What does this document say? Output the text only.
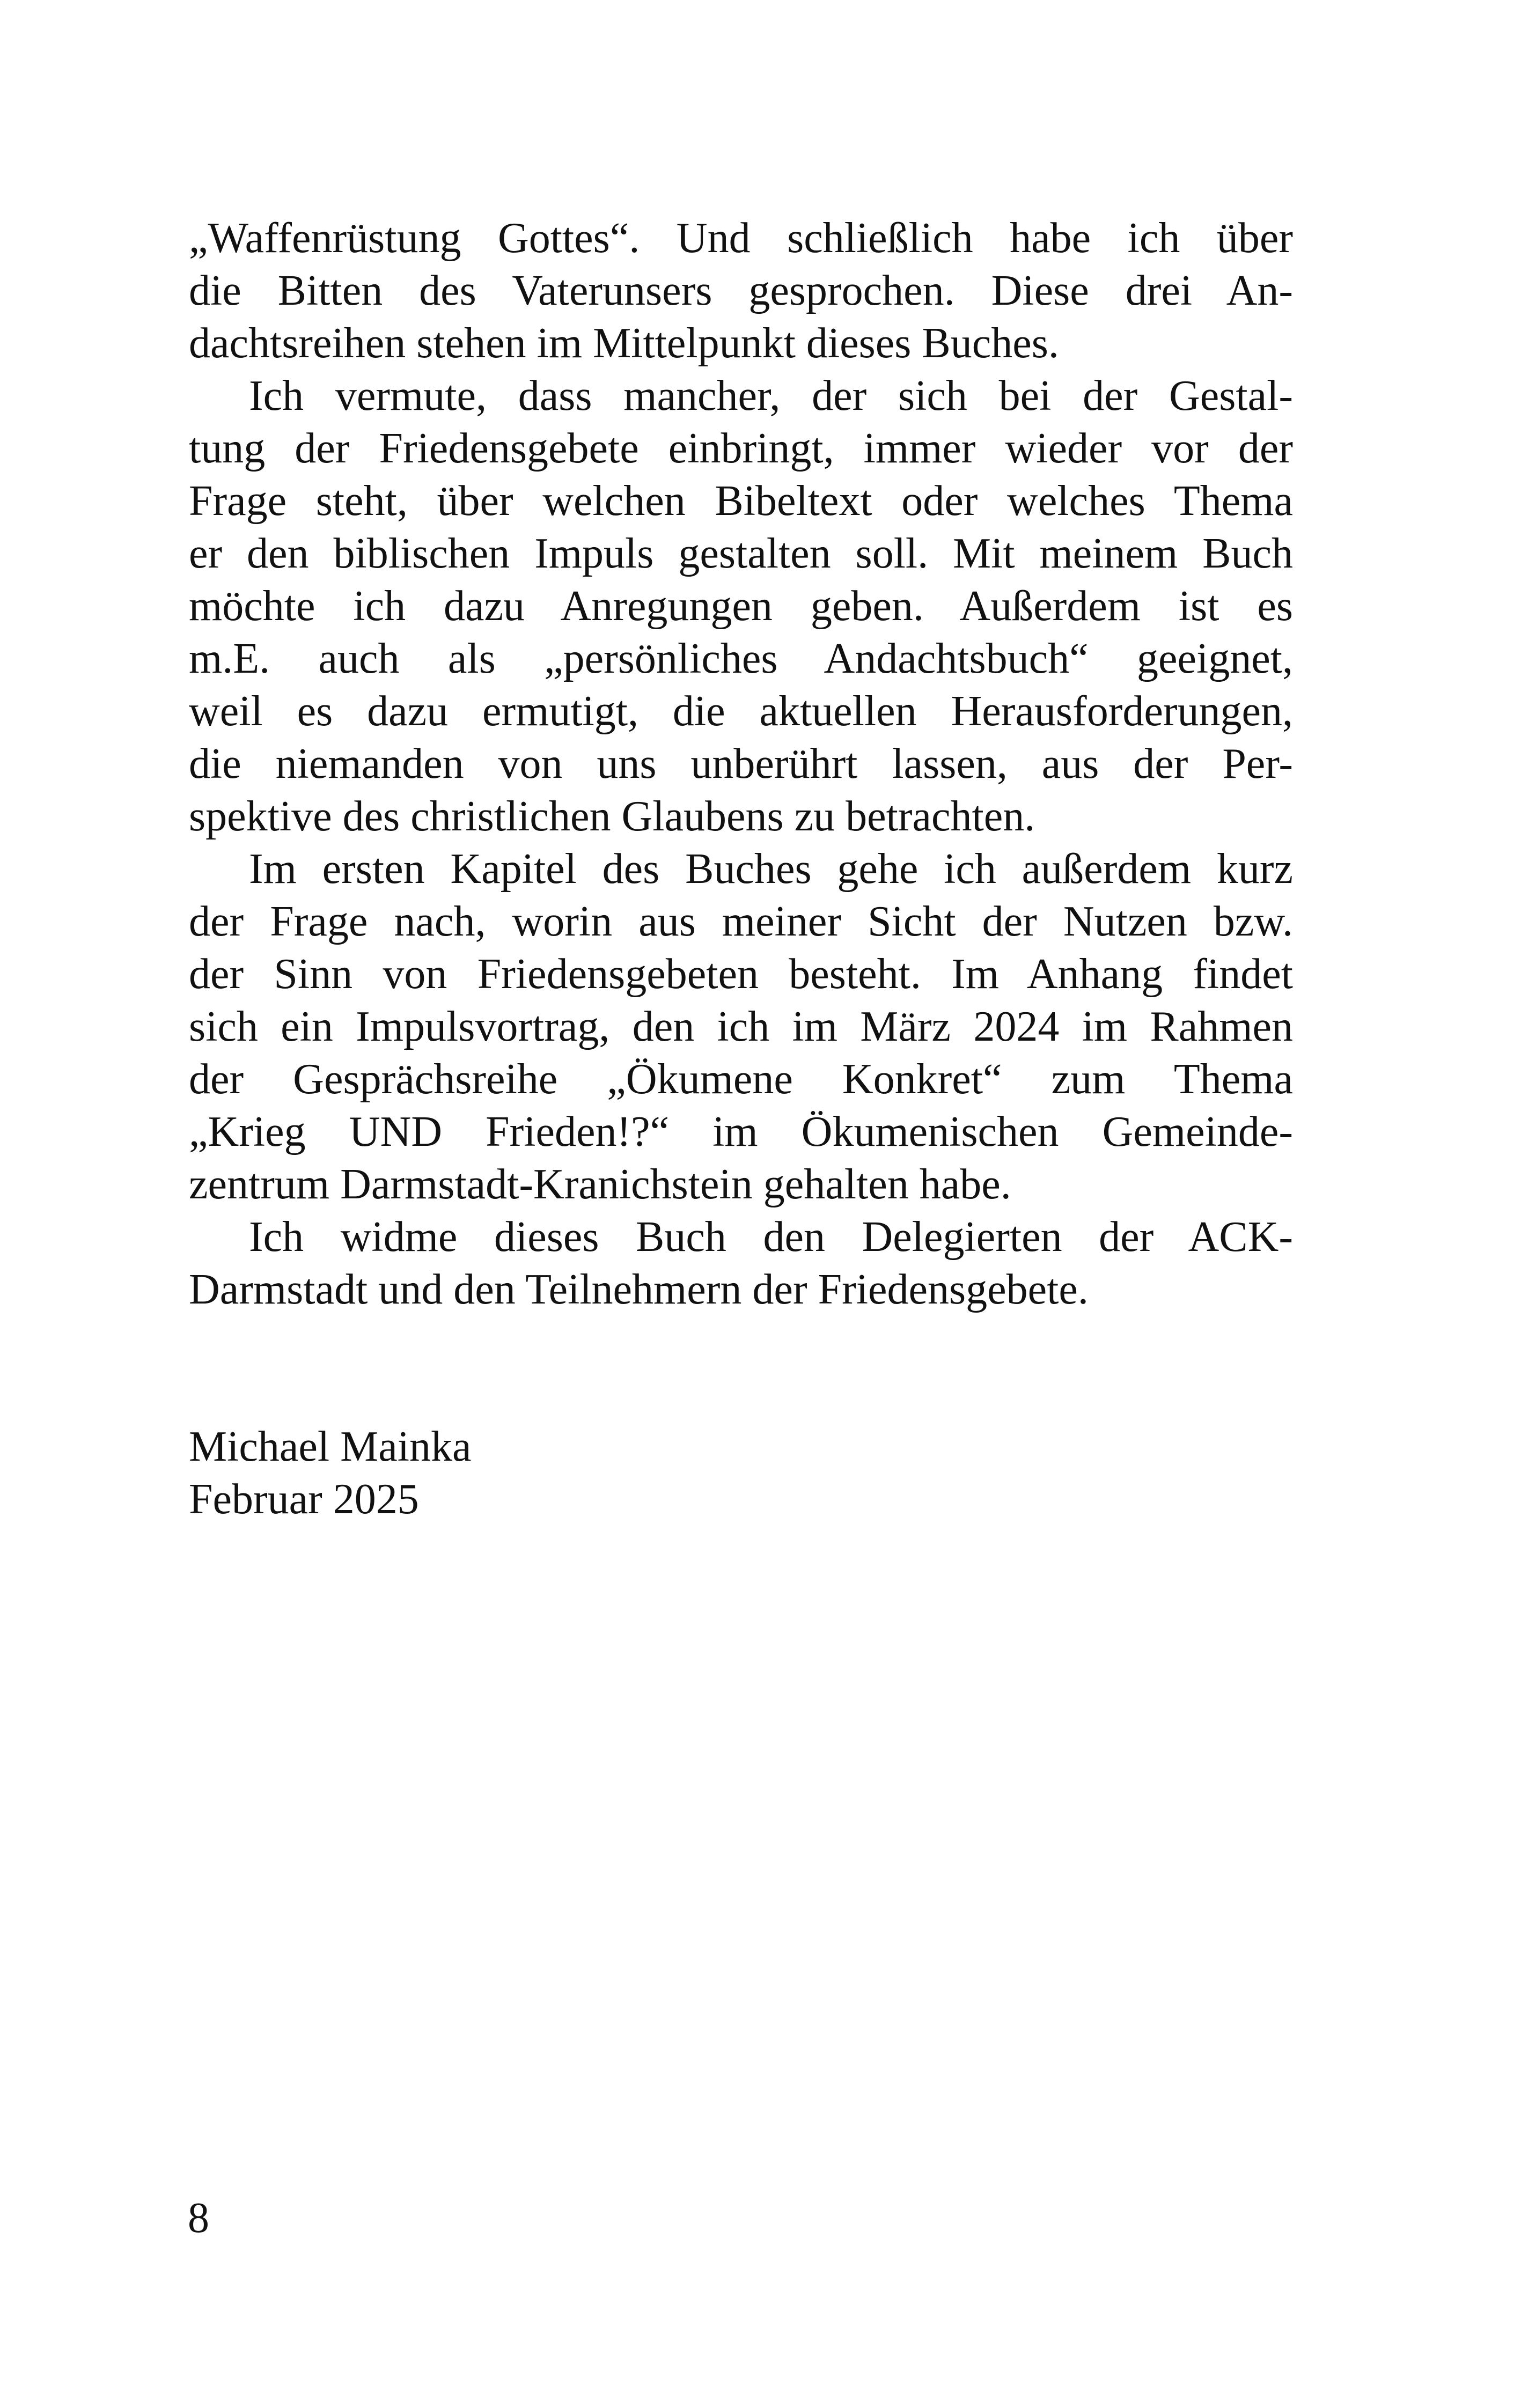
„Waffenrüstung Gottes“. Und schließlich habe ich über
die Bitten des Vaterunsers gesprochen. Diese drei An-
dachtsreihen stehen im Mittelpunkt dieses Buches.
Ich vermute, dass mancher, der sich bei der Gestal-
tung der Friedensgebete einbringt, immer wieder vor der
Frage steht, über welchen Bibeltext oder welches Thema
er den biblischen Impuls gestalten soll. Mit meinem Buch
möchte ich dazu Anregungen geben. Außerdem ist es
m.E. auch als „persönliches Andachtsbuch“ geeignet,
weil es dazu ermutigt, die aktuellen Herausforderungen,
die niemanden von uns unberührt lassen, aus der Per-
spektive des christlichen Glaubens zu betrachten.
Im ersten Kapitel des Buches gehe ich außerdem kurz
der Frage nach, worin aus meiner Sicht der Nutzen bzw.
der Sinn von Friedensgebeten besteht. Im Anhang findet
sich ein Impulsvortrag, den ich im März 2024 im Rahmen
der Gesprächsreihe „Ökumene Konkret“ zum Thema
„Krieg UND Frieden!?“ im Ökumenischen Gemeinde-
zentrum Darmstadt-Kranichstein gehalten habe.
Ich widme dieses Buch den Delegierten der ACK-
Darmstadt und den Teilnehmern der Friedensgebete.
Michael Mainka
Februar 2025
8
